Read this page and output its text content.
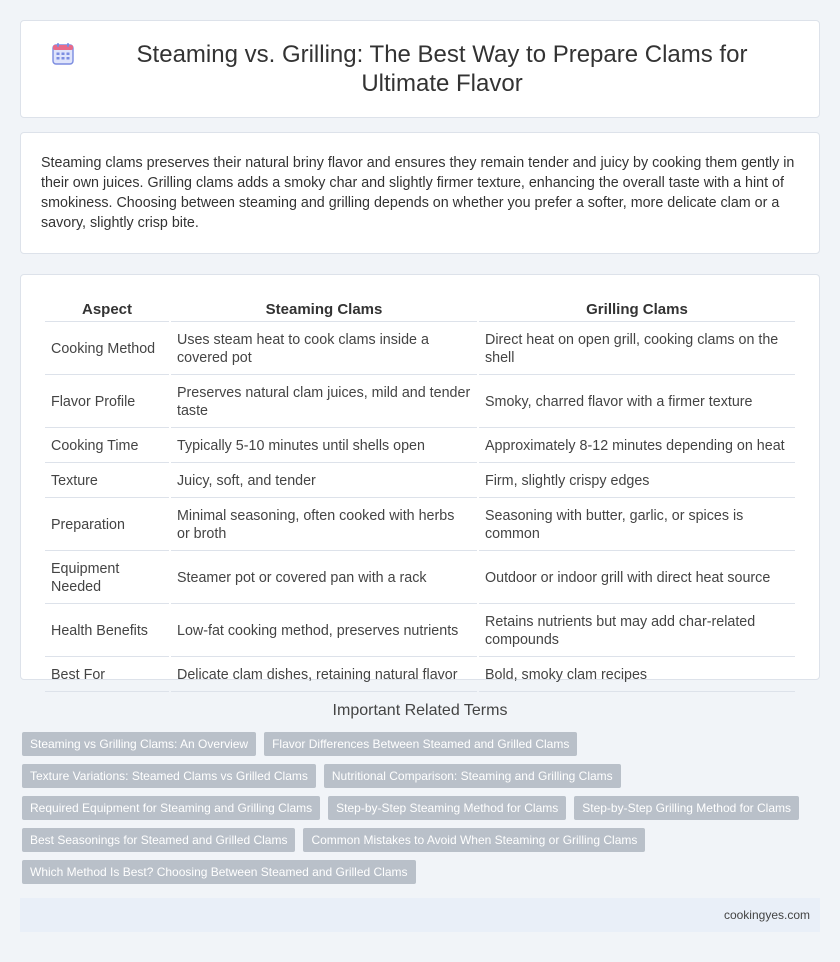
Steaming vs. Grilling: The Best Way to Prepare Clams for Ultimate Flavor

Steaming clams preserves their natural briny flavor and ensures they remain tender and juicy by cooking them gently in their own juices. Grilling clams adds a smoky char and slightly firmer texture, enhancing the overall taste with a hint of smokiness. Choosing between steaming and grilling depends on whether you prefer a softer, more delicate clam or a savory, slightly crisp bite.

Aspect	Steaming Clams	Grilling Clams
Cooking Method	Uses steam heat to cook clams inside a covered pot	Direct heat on open grill, cooking clams on the shell
Flavor Profile	Preserves natural clam juices, mild and tender taste	Smoky, charred flavor with a firmer texture
Cooking Time	Typically 5-10 minutes until shells open	Approximately 8-12 minutes depending on heat
Texture	Juicy, soft, and tender	Firm, slightly crispy edges
Preparation	Minimal seasoning, often cooked with herbs or broth	Seasoning with butter, garlic, or spices is common
Equipment Needed	Steamer pot or covered pan with a rack	Outdoor or indoor grill with direct heat source
Health Benefits	Low-fat cooking method, preserves nutrients	Retains nutrients but may add char-related compounds
Best For	Delicate clam dishes, retaining natural flavor	Bold, smoky clam recipes
Important Related Terms
Steaming vs Grilling Clams: An Overview	Flavor Differences Between Steamed and Grilled Clams
Texture Variations: Steamed Clams vs Grilled Clams	Nutritional Comparison: Steaming and Grilling Clams
Required Equipment for Steaming and Grilling Clams	Step-by-Step Steaming Method for Clams	Step-by-Step Grilling Method for Clams
Best Seasonings for Steamed and Grilled Clams	Common Mistakes to Avoid When Steaming or Grilling Clams
Which Method Is Best? Choosing Between Steamed and Grilled Clams
cookingyes.com
